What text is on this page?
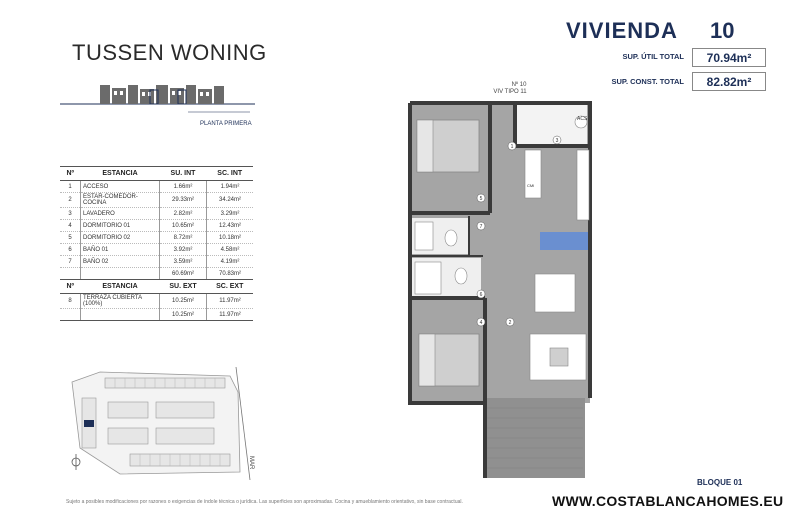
TUSSEN WONING
VIVIENDA 10
SUP. ÚTIL TOTAL	70.94m²
SUP. CONST. TOTAL	82.82m²
PLANTA PRIMERA
Nº	ESTANCIA	SU. INT	SC. INT
1	ACCESO	1.66m²	1.94m²
2	ESTAR-COMEDOR-COCINA	29.33m²	34.24m²
3	LAVADERO	2.82m²	3.29m²
4	DORMITORIO 01	10.65m²	12.43m²
5	DORMITORIO 02	8.72m²	10.18m²
6	BAÑO 01	3.92m²	4.58m²
7	BAÑO 02	3.59m²	4.19m²
		60.69m²	70.83m²
Nº	ESTANCIA	SU. EXT	SC. EXT
8	TERRAZA CUBIERTA (100%)	10.25m²	11.97m²
		10.25m²	11.97m²
MAR
Nº 10
VIV TIPO 11
1
2
3
4
5
6
7
ACS
CMI
Sujeto a posibles modificaciones por razones o exigencias de índole técnica o jurídica. Las superficies son aproximadas. Cocina y amueblamiento orientativo, sin base contractual.
BLOQUE 01
WWW.COSTABLANCAHOMES.EU
